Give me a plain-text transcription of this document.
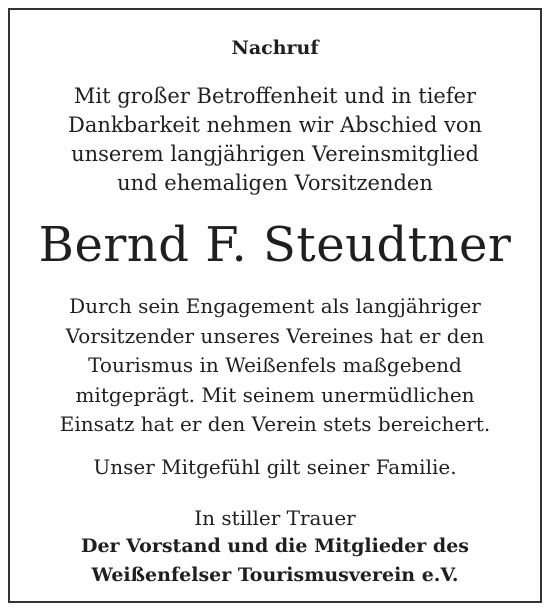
Nachruf
Mit großer Betroffenheit und in tiefer
Dankbarkeit nehmen wir Abschied von
unserem langjährigen Vereinsmitglied
und ehemaligen Vorsitzenden
Bernd F. Steudtner
Durch sein Engagement als langjähriger
Vorsitzender unseres Vereines hat er den
Tourismus in Weißenfels maßgebend
mitgeprägt. Mit seinem unermüdlichen
Einsatz hat er den Verein stets bereichert.
Unser Mitgefühl gilt seiner Familie.
In stiller Trauer
Der Vorstand und die Mitglieder des
Weißenfelser Tourismusverein e.V.
